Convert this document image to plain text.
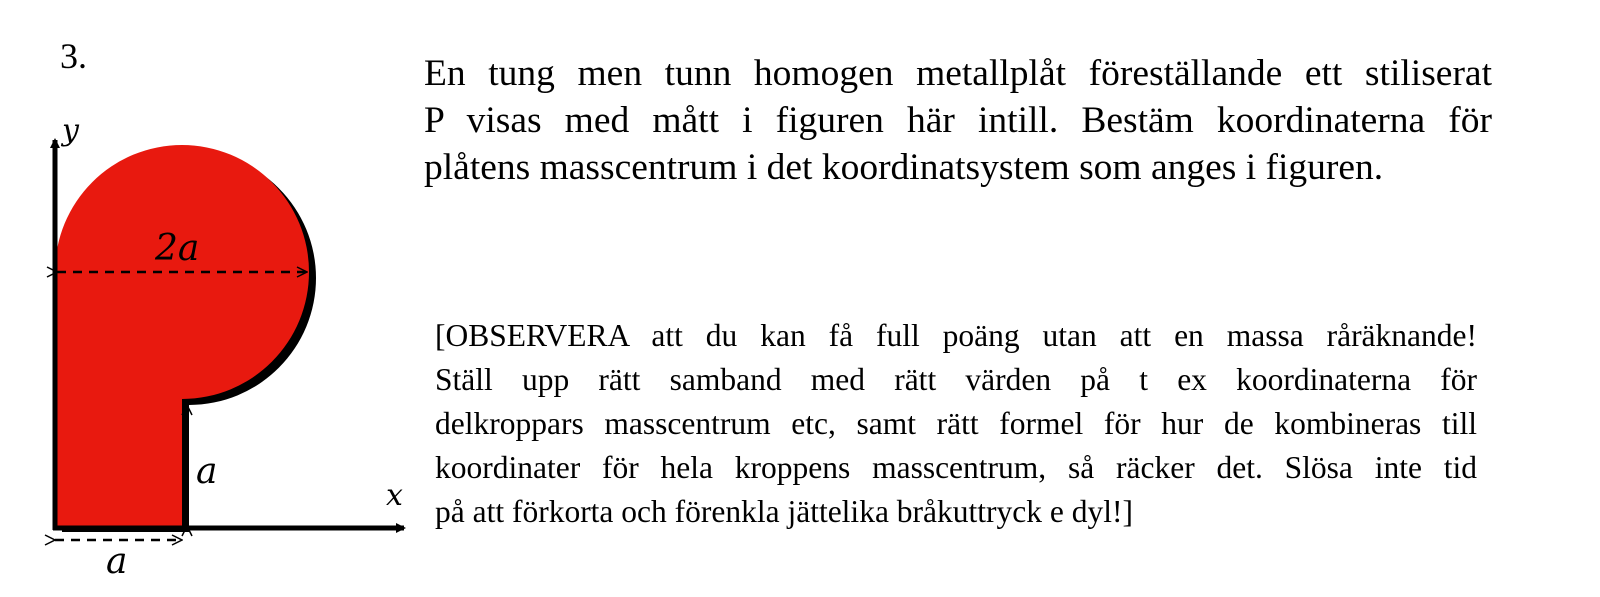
3.
y
x
2a
a
a
En tung men tunn homogen metallplåt föreställande ett stiliserat
P visas med mått i figuren här intill. Bestäm koordinaterna för
plåtens masscentrum i det koordinatsystem som anges i figuren.
[OBSERVERA att du kan få full poäng utan att en massa råräknande!
Ställ upp rätt samband med rätt värden på t ex koordinaterna för
delkroppars masscentrum etc, samt rätt formel för hur de kombineras till
koordinater för hela kroppens masscentrum, så räcker det. Slösa inte tid
på att förkorta och förenkla jättelika bråkuttryck e dyl!]
